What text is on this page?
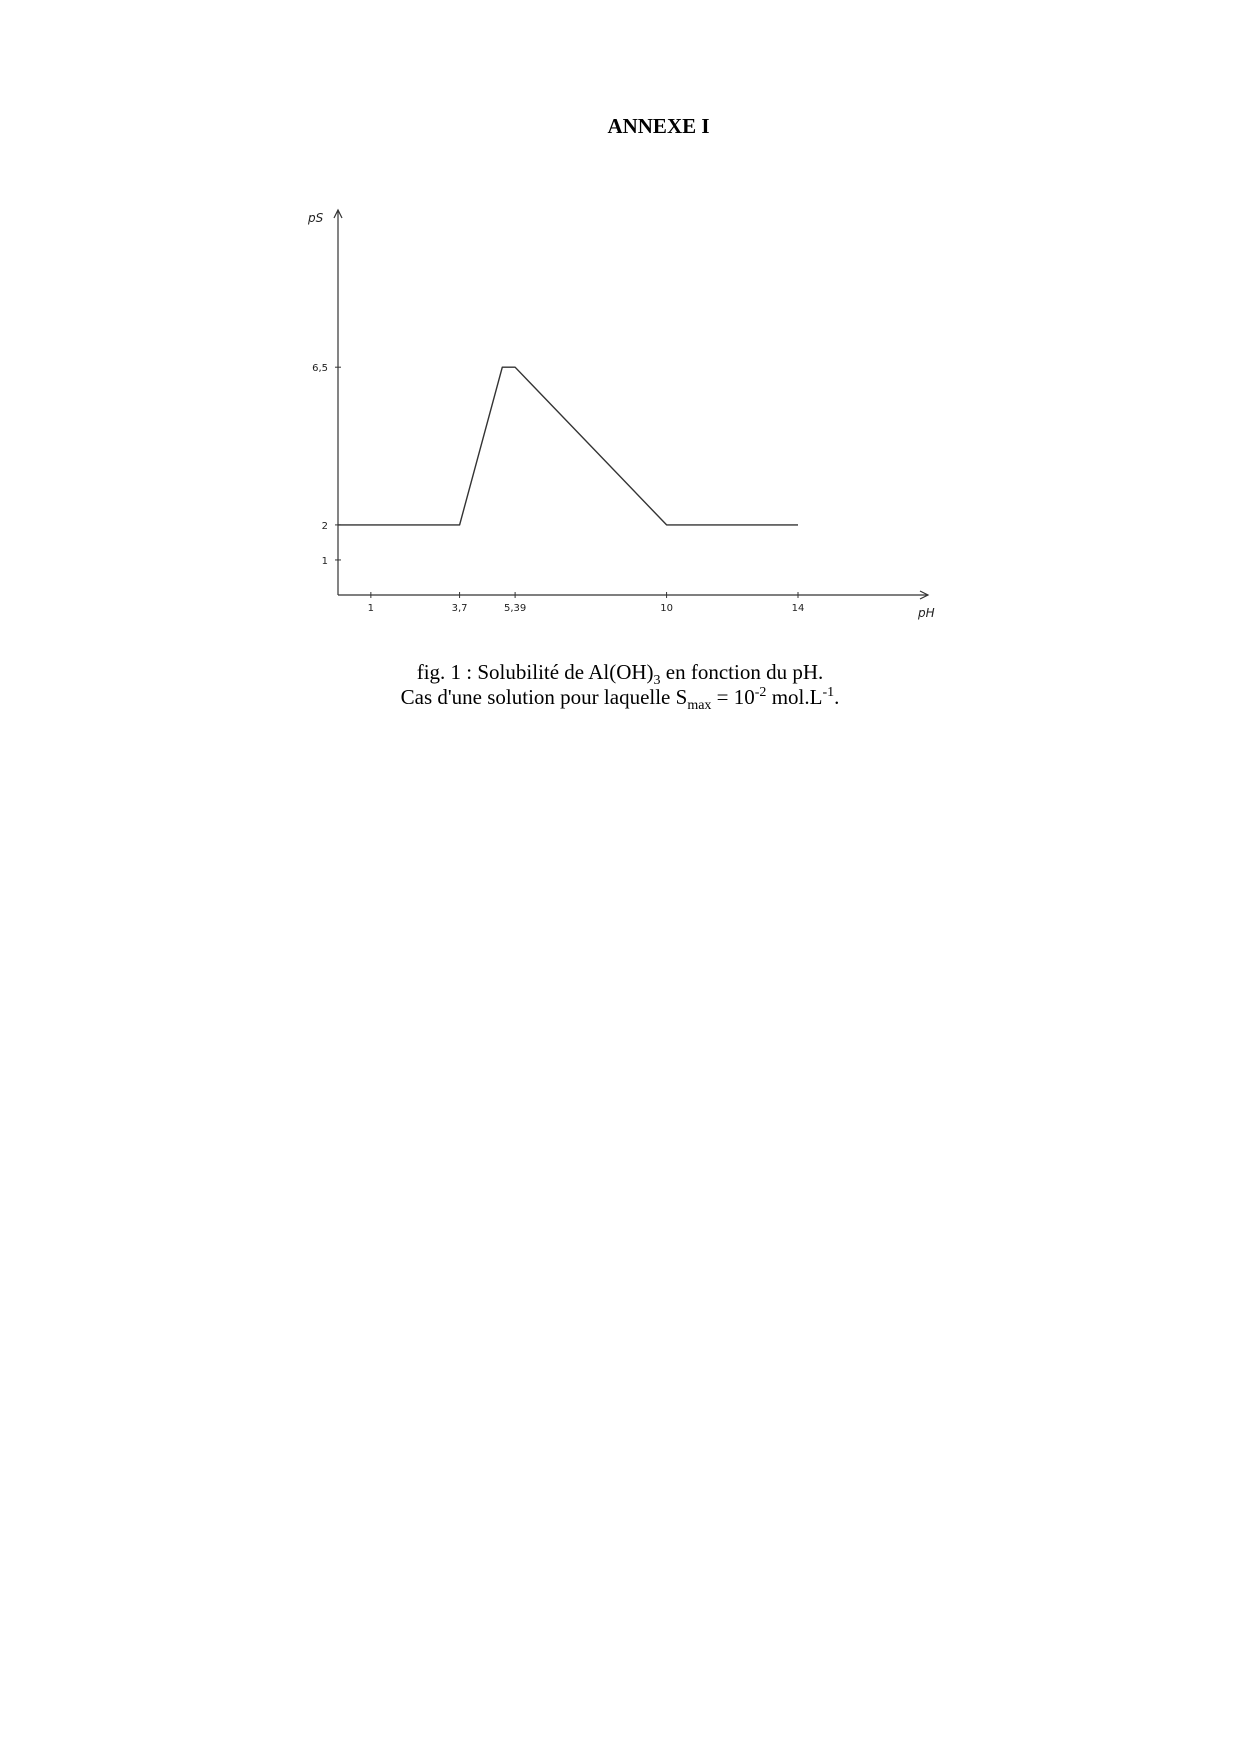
ANNEXE I
pH
pS
1	3,7	5,39	10	14
1
2
6,5
fig. 1 : Solubilité de $Al(OH)_3$ en fonction du pH.
Cas d'une solution pour laquelle $S_{max} = 10^{-2}$ $mol.L^{-1}$.
